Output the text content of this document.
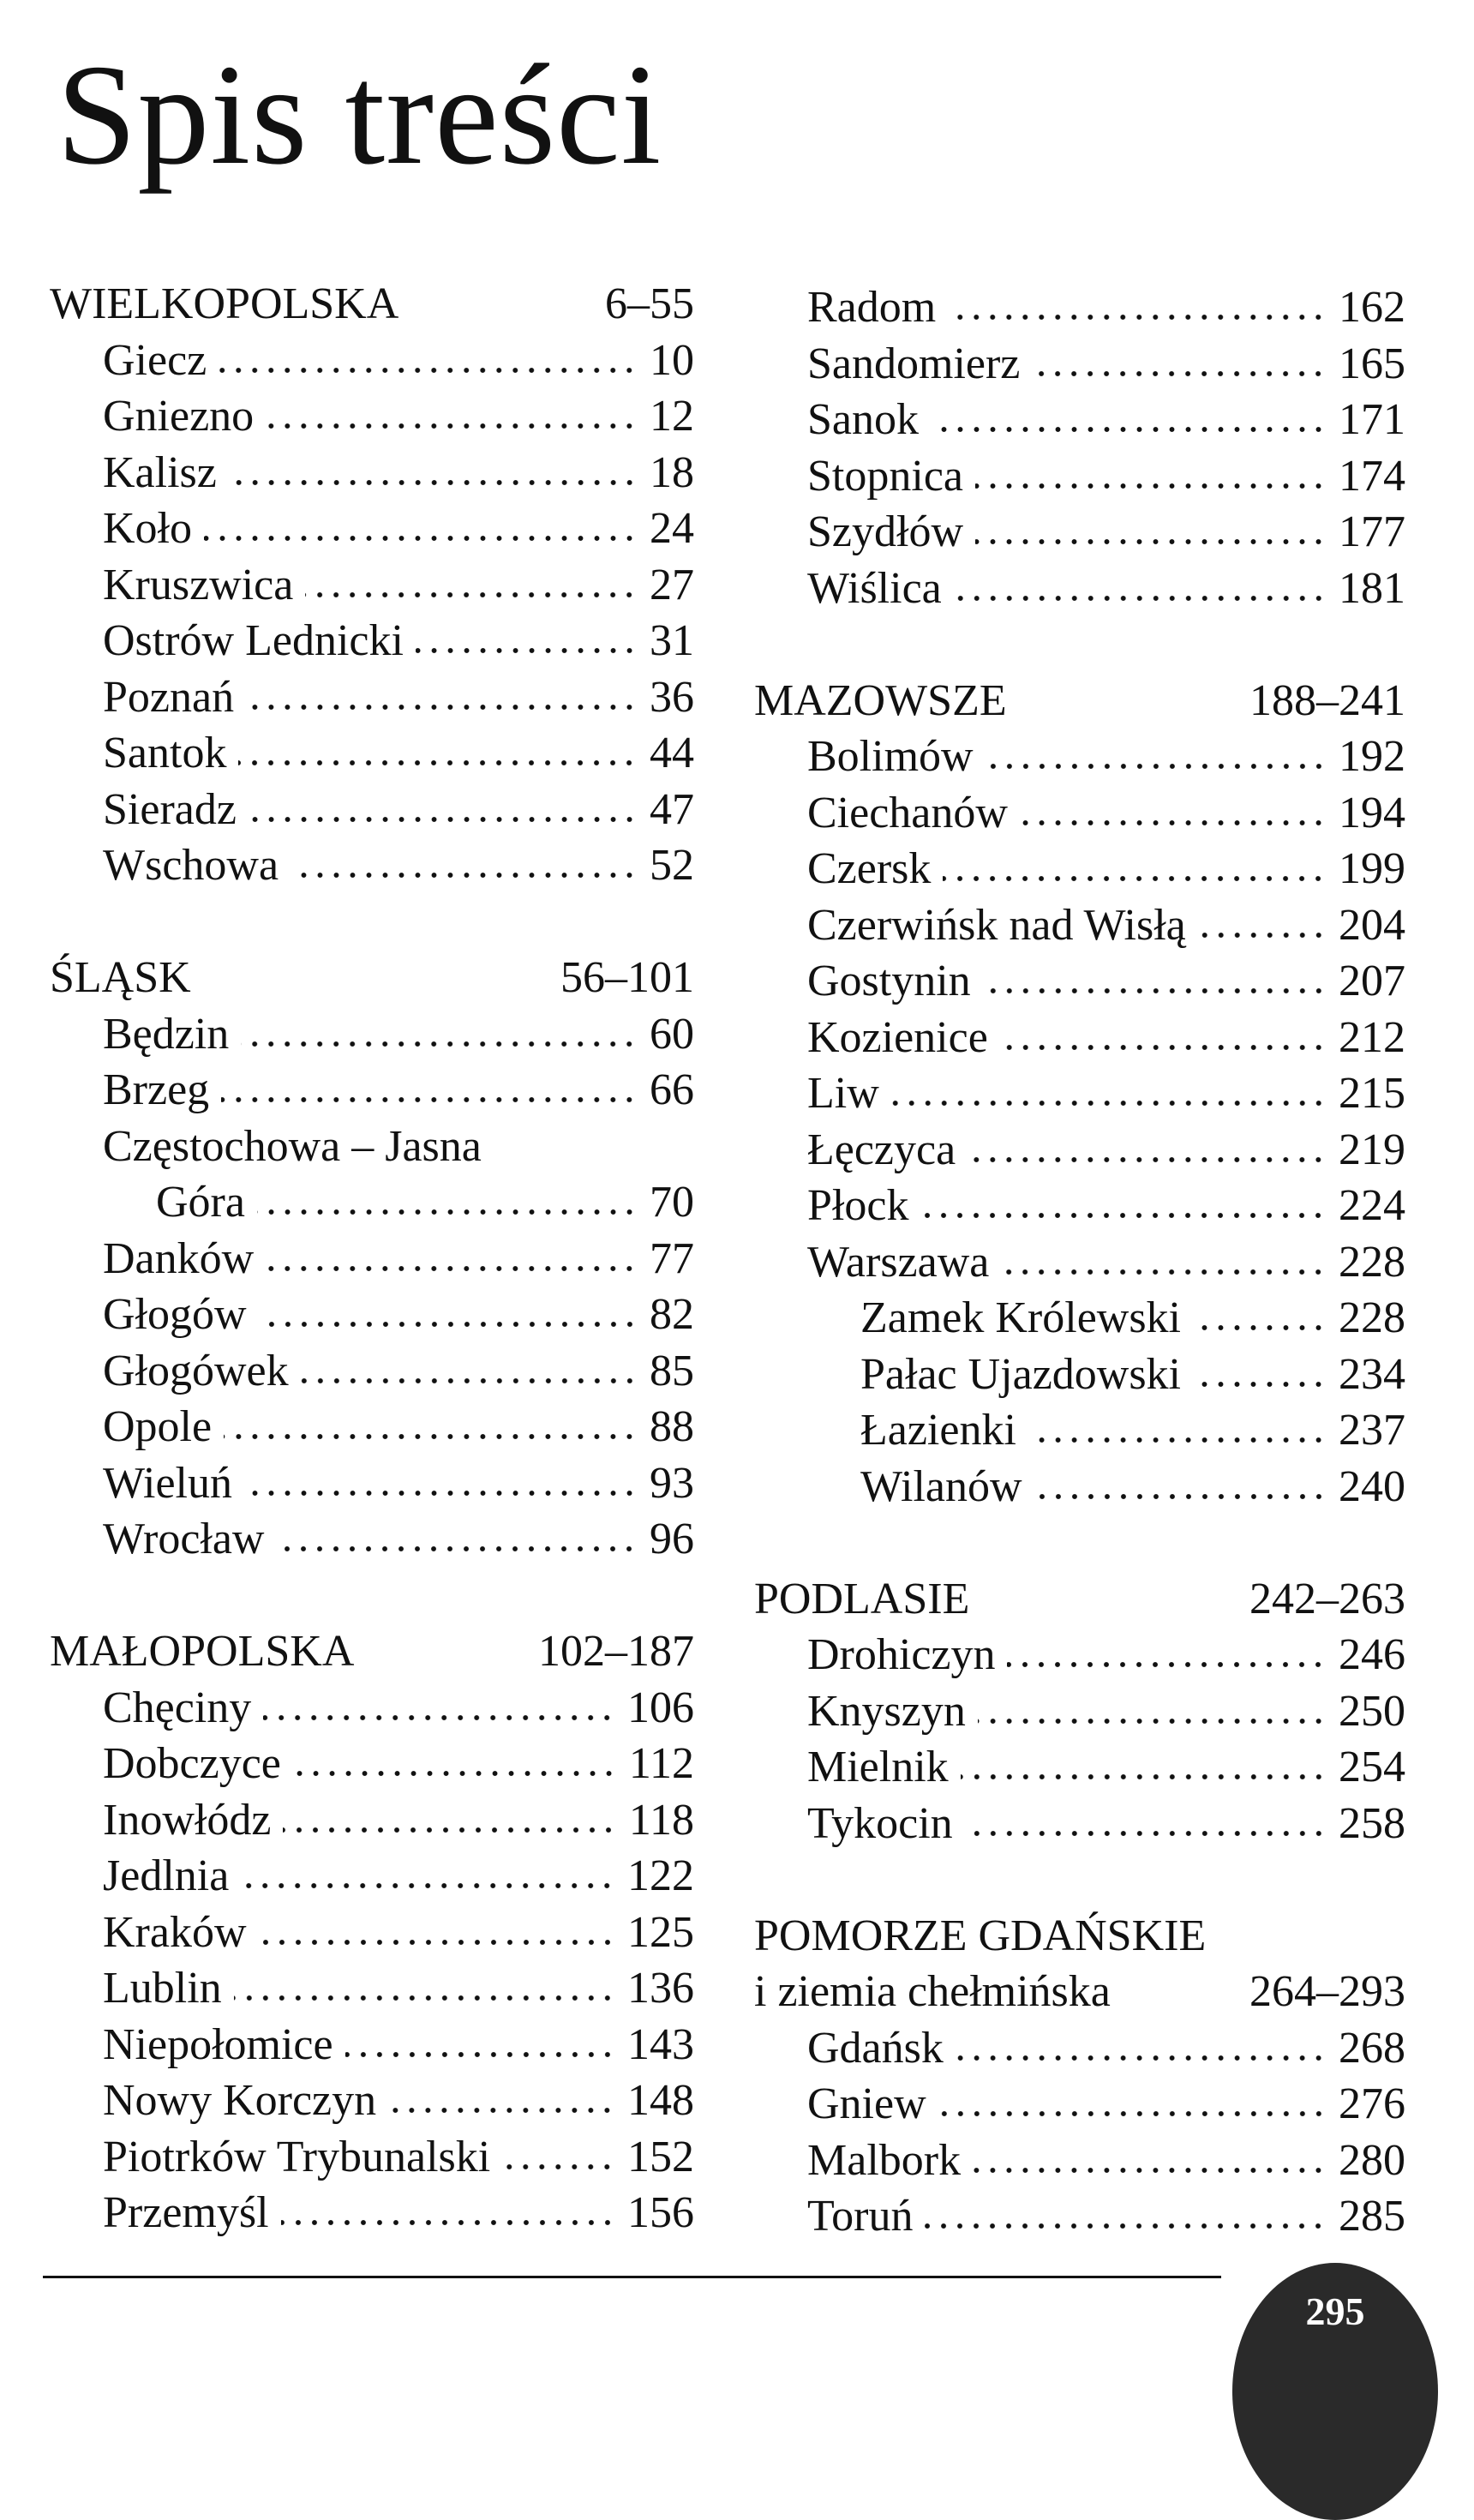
Spis treści
WIELKOPOLSKA	6–55
Giecz	10
Gniezno	12
Kalisz	18
Koło	24
Kruszwica	27
Ostrów Lednicki	31
Poznań	36
Santok	44
Sieradz	47
Wschowa	52
ŚLĄSK	56–101
Będzin	60
Brzeg	66
Częstochowa – Jasna
Góra	70
Danków	77
Głogów	82
Głogówek	85
Opole	88
Wieluń	93
Wrocław	96
MAŁOPOLSKA	102–187
Chęciny	106
Dobczyce	112
Inowłódz	118
Jedlnia	122
Kraków	125
Lublin	136
Niepołomice	143
Nowy Korczyn	148
Piotrków Trybunalski	152
Przemyśl	156
Radom	162
Sandomierz	165
Sanok	171
Stopnica	174
Szydłów	177
Wiślica	181
MAZOWSZE	188–241
Bolimów	192
Ciechanów	194
Czersk	199
Czerwińsk nad Wisłą	204
Gostynin	207
Kozienice	212
Liw	215
Łęczyca	219
Płock	224
Warszawa	228
Zamek Królewski	228
Pałac Ujazdowski	234
Łazienki	237
Wilanów	240
PODLASIE	242–263
Drohiczyn	246
Knyszyn	250
Mielnik	254
Tykocin	258
POMORZE GDAŃSKIE
i ziemia chełmińska	264–293
Gdańsk	268
Gniew	276
Malbork	280
Toruń	285
295
